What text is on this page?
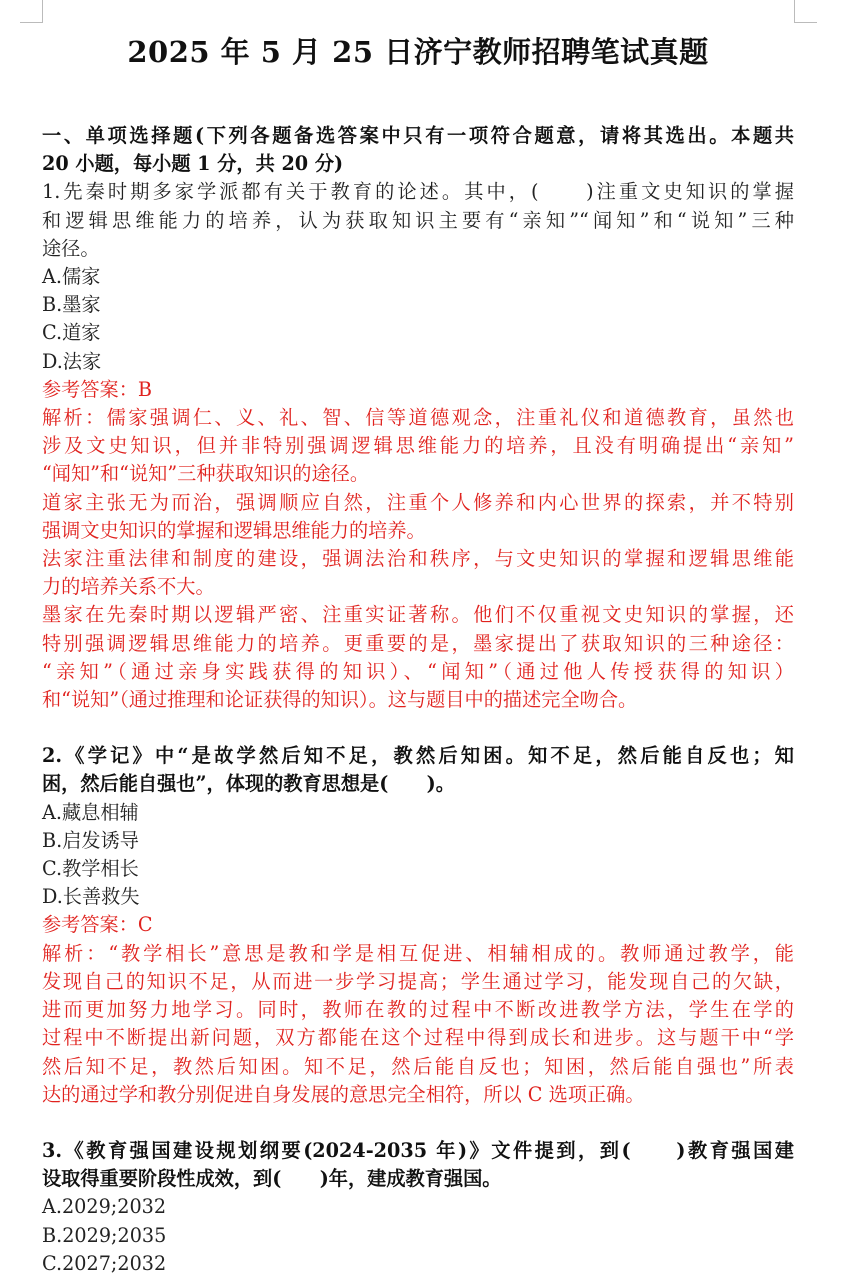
2025 年 5 月 25 日济宁教师招聘笔试真题

一、单项选择题(下列各题备选答案中只有一项符合题意，请将其选出。本题共

20 小题，每小题 1 分，共 20 分)

1.先秦时期多家学派都有关于教育的论述。其中，(　　)注重文史知识的掌握

和逻辑思维能力的培养，认为获取知识主要有“亲知”“闻知”和“说知”三种

途径。

A.儒家

B.墨家

C.道家

D.法家

参考答案：B

解析：儒家强调仁、义、礼、智、信等道德观念，注重礼仪和道德教育，虽然也

涉及文史知识，但并非特别强调逻辑思维能力的培养，且没有明确提出“亲知”

“闻知”和“说知”三种获取知识的途径。

道家主张无为而治，强调顺应自然，注重个人修养和内心世界的探索，并不特别

强调文史知识的掌握和逻辑思维能力的培养。

法家注重法律和制度的建设，强调法治和秩序，与文史知识的掌握和逻辑思维能

力的培养关系不大。

墨家在先秦时期以逻辑严密、注重实证著称。他们不仅重视文史知识的掌握，还

特别强调逻辑思维能力的培养。更重要的是，墨家提出了获取知识的三种途径：

“亲知”（通过亲身实践获得的知识）、“闻知”（通过他人传授获得的知识）

和“说知”（通过推理和论证获得的知识）。这与题目中的描述完全吻合。

2.《学记》中“是故学然后知不足，教然后知困。知不足，然后能自反也；知

困，然后能自强也”，体现的教育思想是(　　)。

A.藏息相辅

B.启发诱导

C.教学相长

D.长善救失

参考答案：C

解析：“教学相长”意思是教和学是相互促进、相辅相成的。教师通过教学，能

发现自己的知识不足，从而进一步学习提高；学生通过学习，能发现自己的欠缺，

进而更加努力地学习。同时，教师在教的过程中不断改进教学方法，学生在学的

过程中不断提出新问题，双方都能在这个过程中得到成长和进步。这与题干中“学

然后知不足，教然后知困。知不足，然后能自反也；知困，然后能自强也”所表

达的通过学和教分别促进自身发展的意思完全相符，所以 C 选项正确。

3.《教育强国建设规划纲要(2024-2035 年)》文件提到，到(　　)教育强国建

设取得重要阶段性成效，到(　　)年，建成教育强国。

A.2029;2032

B.2029;2035

C.2027;2032
